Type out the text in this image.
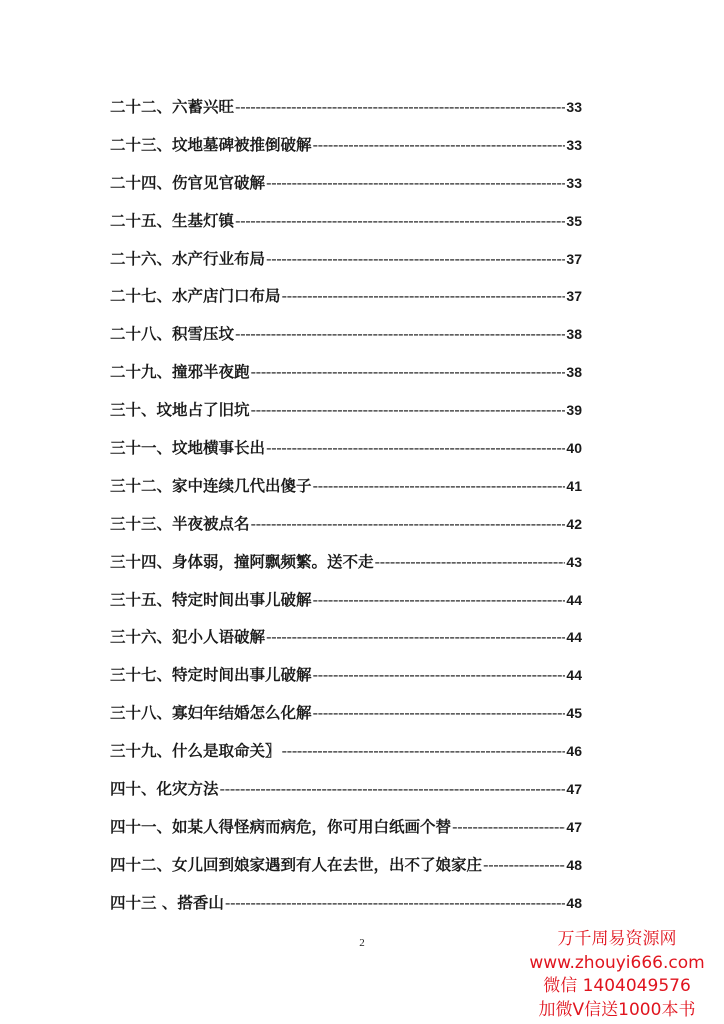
二十二、六蓄兴旺 -----	33
二十三、坟地墓碑被推倒破解 -----	33
二十四、伤官见官破解 -----	33
二十五、生基灯镇 -----	35
二十六、水产行业布局 -----	37
二十七、水产店门口布局 -----	37
二十八、积雪压坟 -----	38
二十九、撞邪半夜跑 -----	38
三十、坟地占了旧坑 -----	39
三十一、坟地横事长出 -----	40
三十二、家中连续几代出傻子 -----	41
三十三、半夜被点名 -----	42
三十四、身体弱，撞阿飘频繁。送不走 -----	43
三十五、特定时间出事儿破解 -----	44
三十六、犯小人语破解 -----	44
三十七、特定时间出事儿破解 -----	44
三十八、寡妇年结婚怎么化解 -----	45
三十九、什么是取命关〗 -----	46
四十、化灾方法 -----	47
四十一、如某人得怪病而病危，你可用白纸画个替 -----	47
四十二、女儿回到娘家遇到有人在去世，出不了娘家庄 -----	48
四十三 、搭香山 -----	48
2	万千周易资源网
www.zhouyi666.com
微信 1404049576
加微V信送1000本书
